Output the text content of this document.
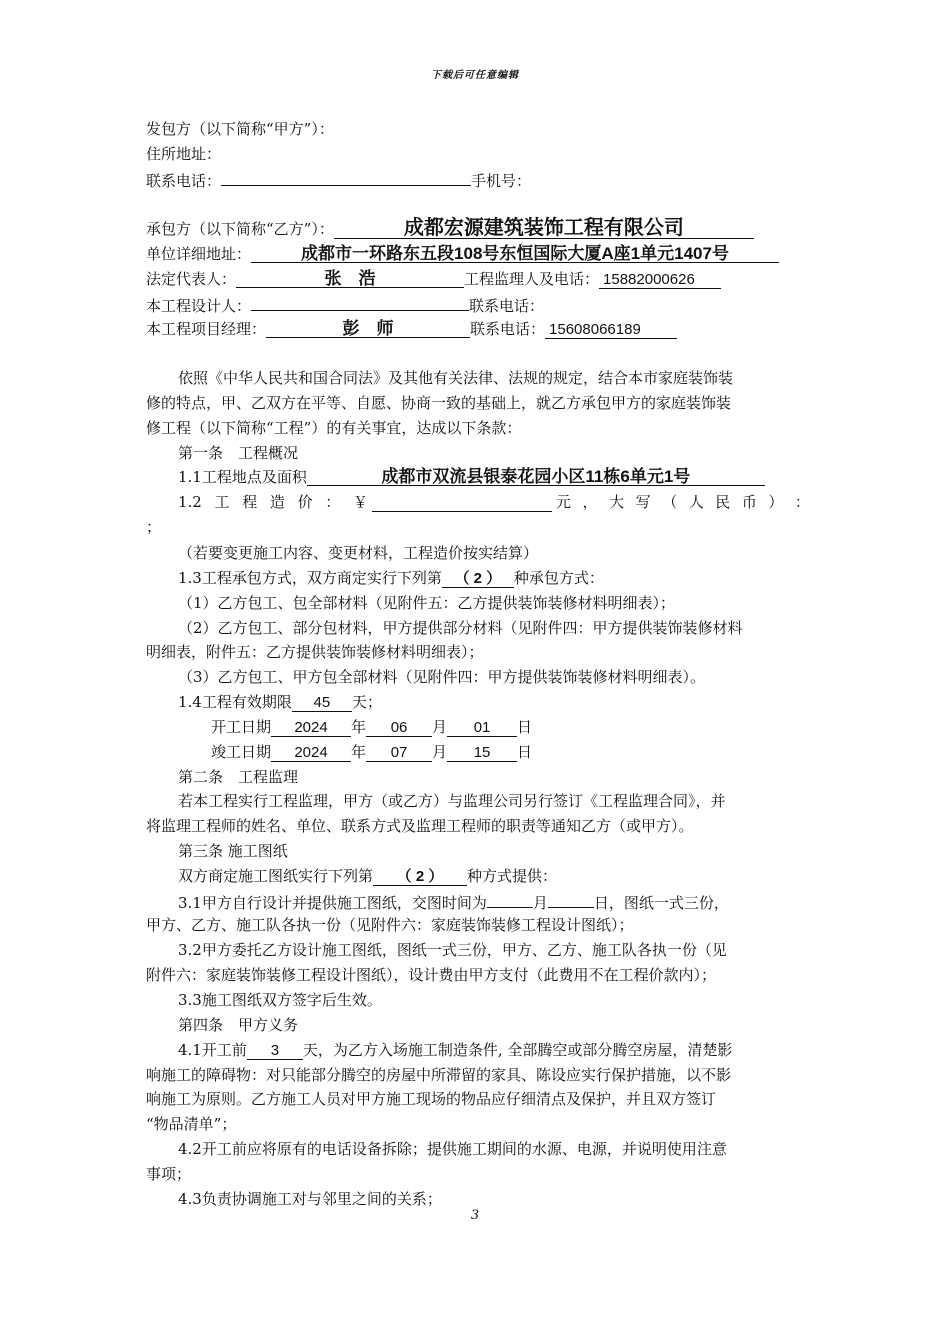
下载后可任意编辑
发包方（以下简称“甲方”）：
住所地址：
联系电话：	手机号：
承包方（以下简称“乙方”）：	成都宏源建筑装饰工程有限公司
单位详细地址：	成都市一环路东五段108号东恒国际大厦A座1单元1407号
法定代表人：	张　浩	工程监理人及电话： 15882000626
本工程设计人：	联系电话：
本工程项目经理：	彭　师	联系电话： 15608066189
依照《中华人民共和国合同法》及其他有关法律、法规的规定，结合本市家庭装饰装
修的特点，甲、乙双方在平等、自愿、协商一致的基础上，就乙方承包甲方的家庭装饰装
修工程（以下简称“工程”）的有关事宜，达成以下条款：
第一条　工程概况
1.1工程地点及面积	成都市双流县银泰花园小区11栋6单元1号
1.2 工 程 造 价 ： ￥	元 ， 大 写 （ 人 民 币 ） ：
；
（若要变更施工内容、变更材料，工程造价按实结算）
1.3工程承包方式，双方商定实行下列第 （ 2 ） 种承包方式：
（1）乙方包工、包全部材料（见附件五：乙方提供装饰装修材料明细表）；
（2）乙方包工、部分包材料，甲方提供部分材料（见附件四：甲方提供装饰装修材料
明细表，附件五：乙方提供装饰装修材料明细表）；
（3）乙方包工、甲方包全部材料（见附件四：甲方提供装饰装修材料明细表）。
1.4工程有效期限 45 天；
开工日期 2024 年 06 月 01 日
竣工日期 2024 年 07 月 15 日
第二条　工程监理
若本工程实行工程监理，甲方（或乙方）与监理公司另行签订《工程监理合同》，并
将监理工程师的姓名、单位、联系方式及监理工程师的职责等通知乙方（或甲方）。
第三条 施工图纸
双方商定施工图纸实行下列第 （ 2 ） 种方式提供：
3.1甲方自行设计并提供施工图纸，交图时间为	月	日，图纸一式三份，
甲方、乙方、施工队各执一份（见附件六：家庭装饰装修工程设计图纸）；
3.2甲方委托乙方设计施工图纸，图纸一式三份，甲方、乙方、施工队各执一份（见
附件六：家庭装饰装修工程设计图纸），设计费由甲方支付（此费用不在工程价款内）；
3.3施工图纸双方签字后生效。
第四条　甲方义务
4.1开工前 3 天，为乙方入场施工制造条件, 全部腾空或部分腾空房屋，清楚影
响施工的障碍物：对只能部分腾空的房屋中所滞留的家具、陈设应实行保护措施，以不影
响施工为原则。乙方施工人员对甲方施工现场的物品应仔细清点及保护，并且双方签订
“物品清单”；
4.2开工前应将原有的电话设备拆除；提供施工期间的水源、电源，并说明使用注意
事项；
4.3负责协调施工对与邻里之间的关系；
3
